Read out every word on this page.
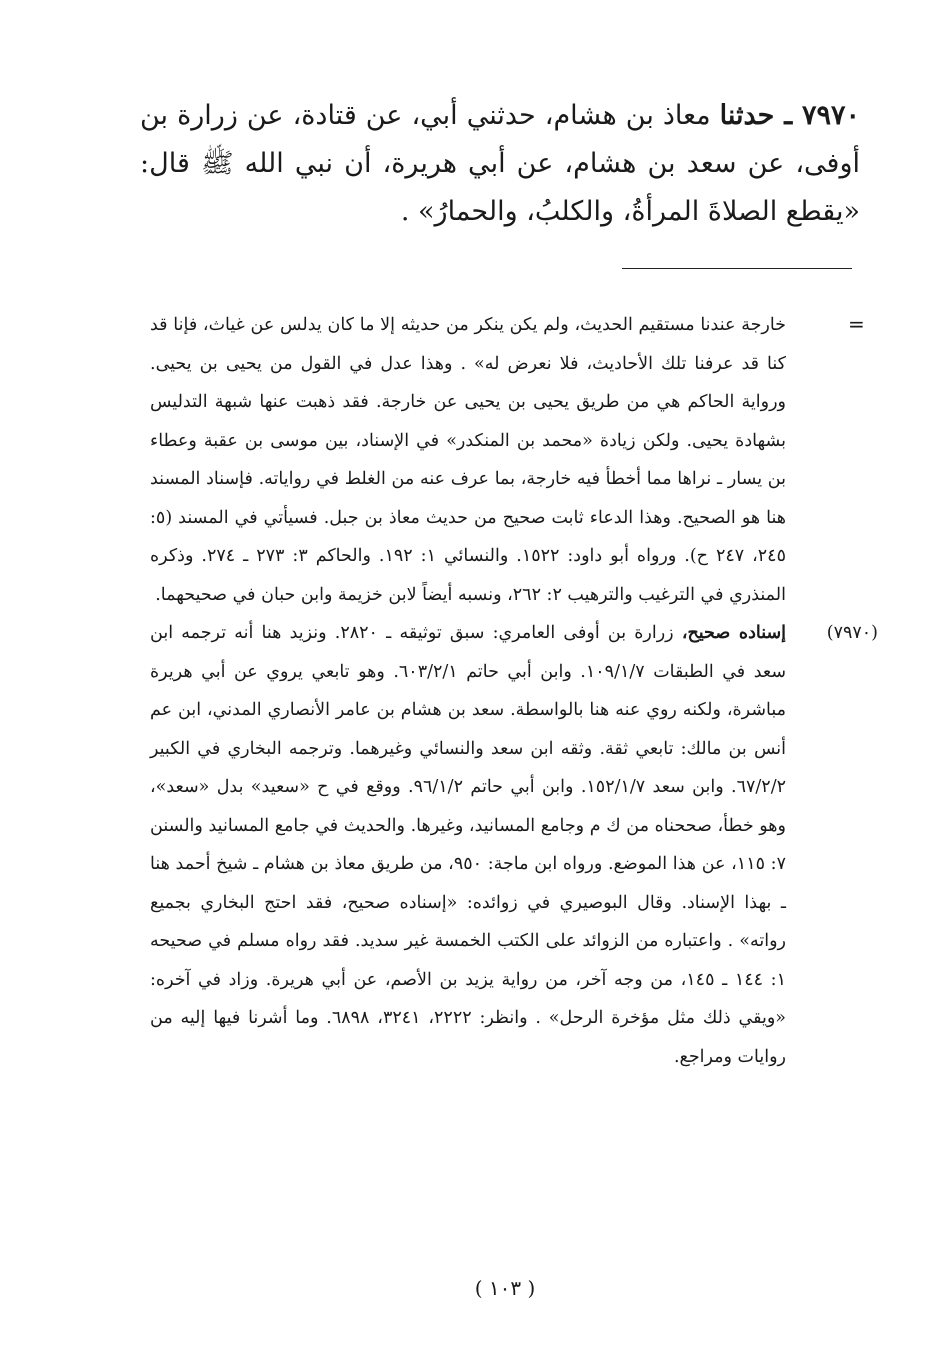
٧٩٧٠ ـ حدثنا معاذ بن هشام، حدثني أبي، عن قتادة، عن زرارة بن أوفى، عن سعد بن هشام، عن أبي هريرة، أن نبي الله ﷺ قال: «يقطع الصلاةَ المرأةُ، والكلبُ، والحمارُ» .
=

خارجة عندنا مستقيم الحديث، ولم يكن ينكر من حديثه إلا ما كان يدلس عن غياث، فإنا قد كنا قد عرفنا تلك الأحاديث، فلا نعرض له» . وهذا عدل في القول من يحيى بن يحيى. ورواية الحاكم هي من طريق يحيى بن يحيى عن خارجة. فقد ذهبت عنها شبهة التدليس بشهادة يحيى. ولكن زيادة «محمد بن المنكدر» في الإسناد، بين موسى بن عقبة وعطاء بن يسار ـ نراها مما أخطأ فيه خارجة، بما عرف عنه من الغلط في رواياته. فإسناد المسند هنا هو الصحيح. وهذا الدعاء ثابت صحيح من حديث معاذ بن جبل. فسيأتي في المسند (٥: ٢٤٥، ٢٤٧ ح). ورواه أبو داود: ١٥٢٢. والنسائي ١: ١٩٢. والحاكم ٣: ٢٧٣ ـ ٢٧٤. وذكره المنذري في الترغيب والترهيب ٢: ٢٦٢، ونسبه أيضاً لابن خزيمة وابن حبان في صحيحهما.

(٧٩٧٠)
إسناده صحيح، زرارة بن أوفى العامري: سبق توثيقه ـ ٢٨٢٠. ونزيد هنا أنه ترجمه ابن سعد في الطبقات ١٠٩/١/٧. وابن أبي حاتم ٦٠٣/٢/١. وهو تابعي يروي عن أبي هريرة مباشرة، ولكنه روي عنه هنا بالواسطة. سعد بن هشام بن عامر الأنصاري المدني، ابن عم أنس بن مالك: تابعي ثقة. وثقه ابن سعد والنسائي وغيرهما. وترجمه البخاري في الكبير ٦٧/٢/٢. وابن سعد ١٥٢/١/٧. وابن أبي حاتم ٩٦/١/٢. ووقع في ح «سعيد» بدل «سعد»، وهو خطأ، صححناه من ك م وجامع المسانيد، وغيرها. والحديث في جامع المسانيد والسنن ٧: ١١٥، عن هذا الموضع. ورواه ابن ماجة: ٩٥٠، من طريق معاذ بن هشام ـ شيخ أحمد هنا ـ بهذا الإسناد. وقال البوصيري في زوائده: «إسناده صحيح، فقد احتج البخاري بجميع رواته» . واعتباره من الزوائد على الكتب الخمسة غير سديد. فقد رواه مسلم في صحيحه ١: ١٤٤ ـ ١٤٥، من وجه آخر، من رواية يزيد بن الأصم، عن أبي هريرة. وزاد في آخره: «ويقي ذلك مثل مؤخرة الرحل» . وانظر: ٢٢٢٢، ٣٢٤١، ٦٨٩٨. وما أشرنا فيها إليه من روايات ومراجع.

( ١٠٣ )
